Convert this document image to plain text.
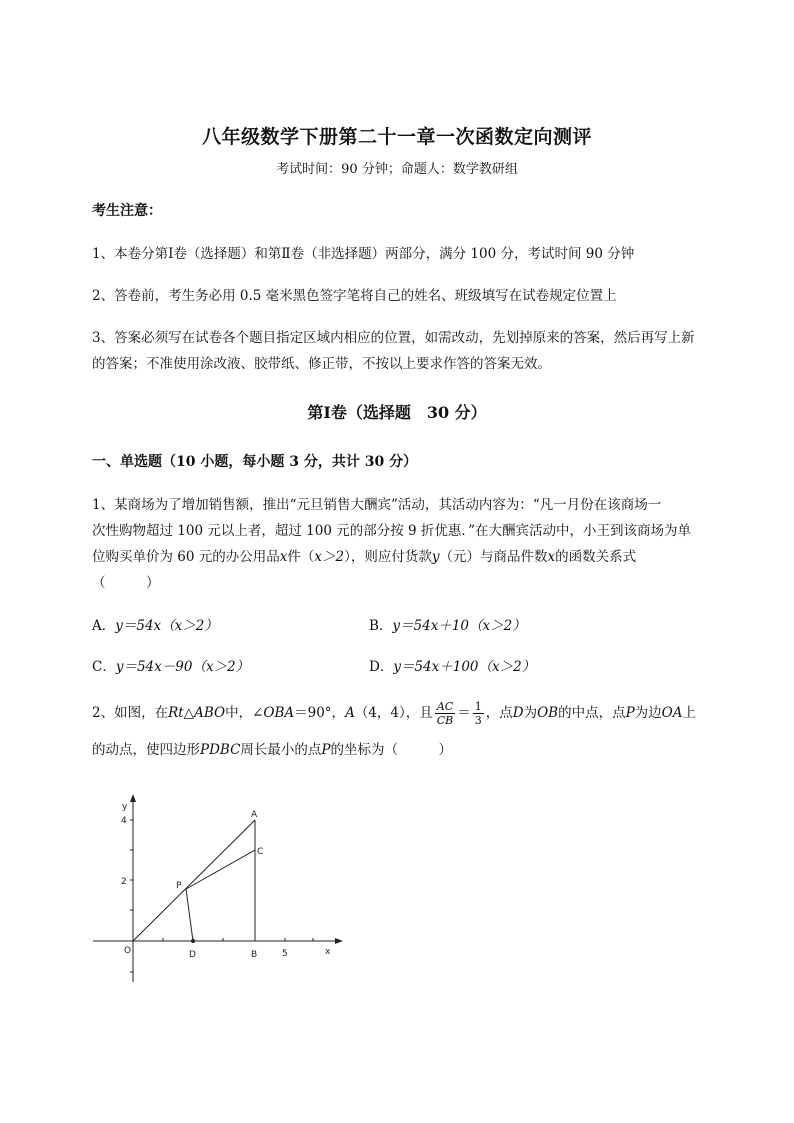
八年级数学下册第二十一章一次函数定向测评
考试时间：90 分钟；命题人：数学教研组
考生注意：
1、本卷分第Ⅰ卷（选择题）和第Ⅱ卷（非选择题）两部分，满分 100 分，考试时间 90 分钟
2、答卷前，考生务必用 0.5 毫米黑色签字笔将自己的姓名、班级填写在试卷规定位置上
3、答案必须写在试卷各个题目指定区域内相应的位置，如需改动，先划掉原来的答案，然后再写上新
的答案；不准使用涂改液、胶带纸、修正带，不按以上要求作答的答案无效。
第Ⅰ卷（选择题　30 分）
一、单选题（10 小题，每小题 3 分，共计 30 分）
1、某商场为了增加销售额，推出“元旦销售大酬宾”活动，其活动内容为：“凡一月份在该商场一
次性购物超过 100 元以上者，超过 100 元的部分按 9 折优惠．”在大酬宾活动中，小王到该商场为单
位购买单价为 60 元的办公用品x件（x＞2），则应付货款y（元）与商品件数x的函数关系式
（　　　）
A．y＝54x（x＞2）	B．y＝54x＋10（x＞2）
C．y＝54x－90（x＞2）	D．y＝54x＋100（x＞2）
2、如图，在Rt△ABO中，∠OBA＝90°，A（4，4），且 $\frac{AC}{CB} = \frac{1}{3}$ ，点D为OB的中点，点P为边OA上
的动点，使四边形PDBC周长最小的点P的坐标为（　　　）
y
x
O
4
2
5
A
C
P
D	B
